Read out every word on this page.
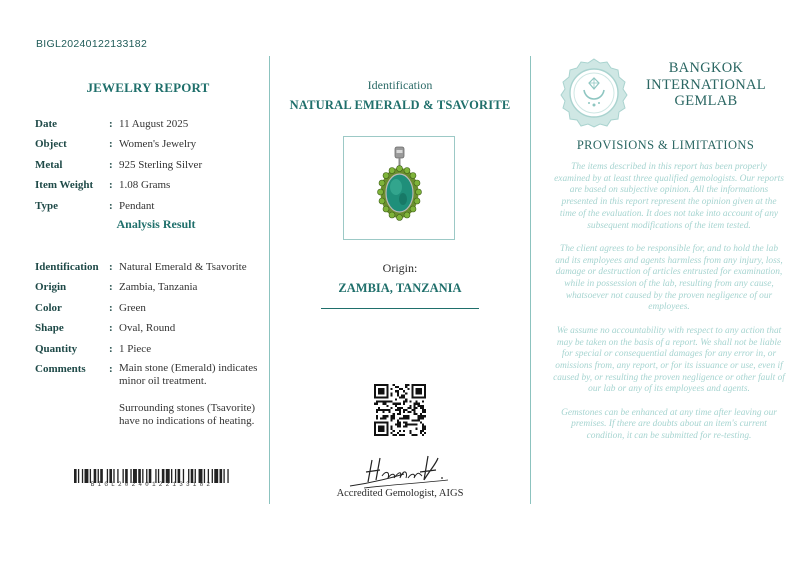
BIGL20240122133182
JEWELRY REPORT
Date	: 11 August 2025
Object	: Women's Jewelry
Metal	: 925 Sterling Silver
Item Weight	: 1.08 Grams
Type	: Pendant
Analysis Result
Identification : Natural Emerald & Tsavorite
Origin	: Zambia, Tanzania
Color	: Green
Shape	: Oval, Round
Quantity	: 1 Piece
Comments	: Main stone (Emerald) indicates minor oil treatment.
Surrounding stones (Tsavorite) have no indications of heating.
BIGL20240122133182
Identification
NATURAL EMERALD & TSAVORITE
Origin:
ZAMBIA, TANZANIA
Accredited Gemologist, AIGS
BANGKOK
INTERNATIONAL
GEMLAB
PROVISIONS & LIMITATIONS

The items described in this report has been properly examined by at least three qualified gemologists. Our reports are based on subjective opinion. All the informations presented in this report represent the opinion given at the time of the evaluation. It does not take into account of any subsequent modifications of the item tested.

The client agrees to be responsible for, and to hold the lab and its employees and agents harmless from any injury, loss, damage or destruction of articles entrusted for examination, while in possession of the lab, resulting from any cause, whatsoever not caused by the proven negligence of our employees.

We assume no accountability with respect to any action that may be taken on the basis of a report. We shall not be liable for special or consequential damages for any error in, or omissions from, any report, or for its issuance or use, even if caused by, or resulting the proven negligence or other fault of our lab or any of its employees and agents.

Gemstones can be enhanced at any time after leaving our premises. If there are doubts about an item's current condition, it can be submitted for re-testing.
